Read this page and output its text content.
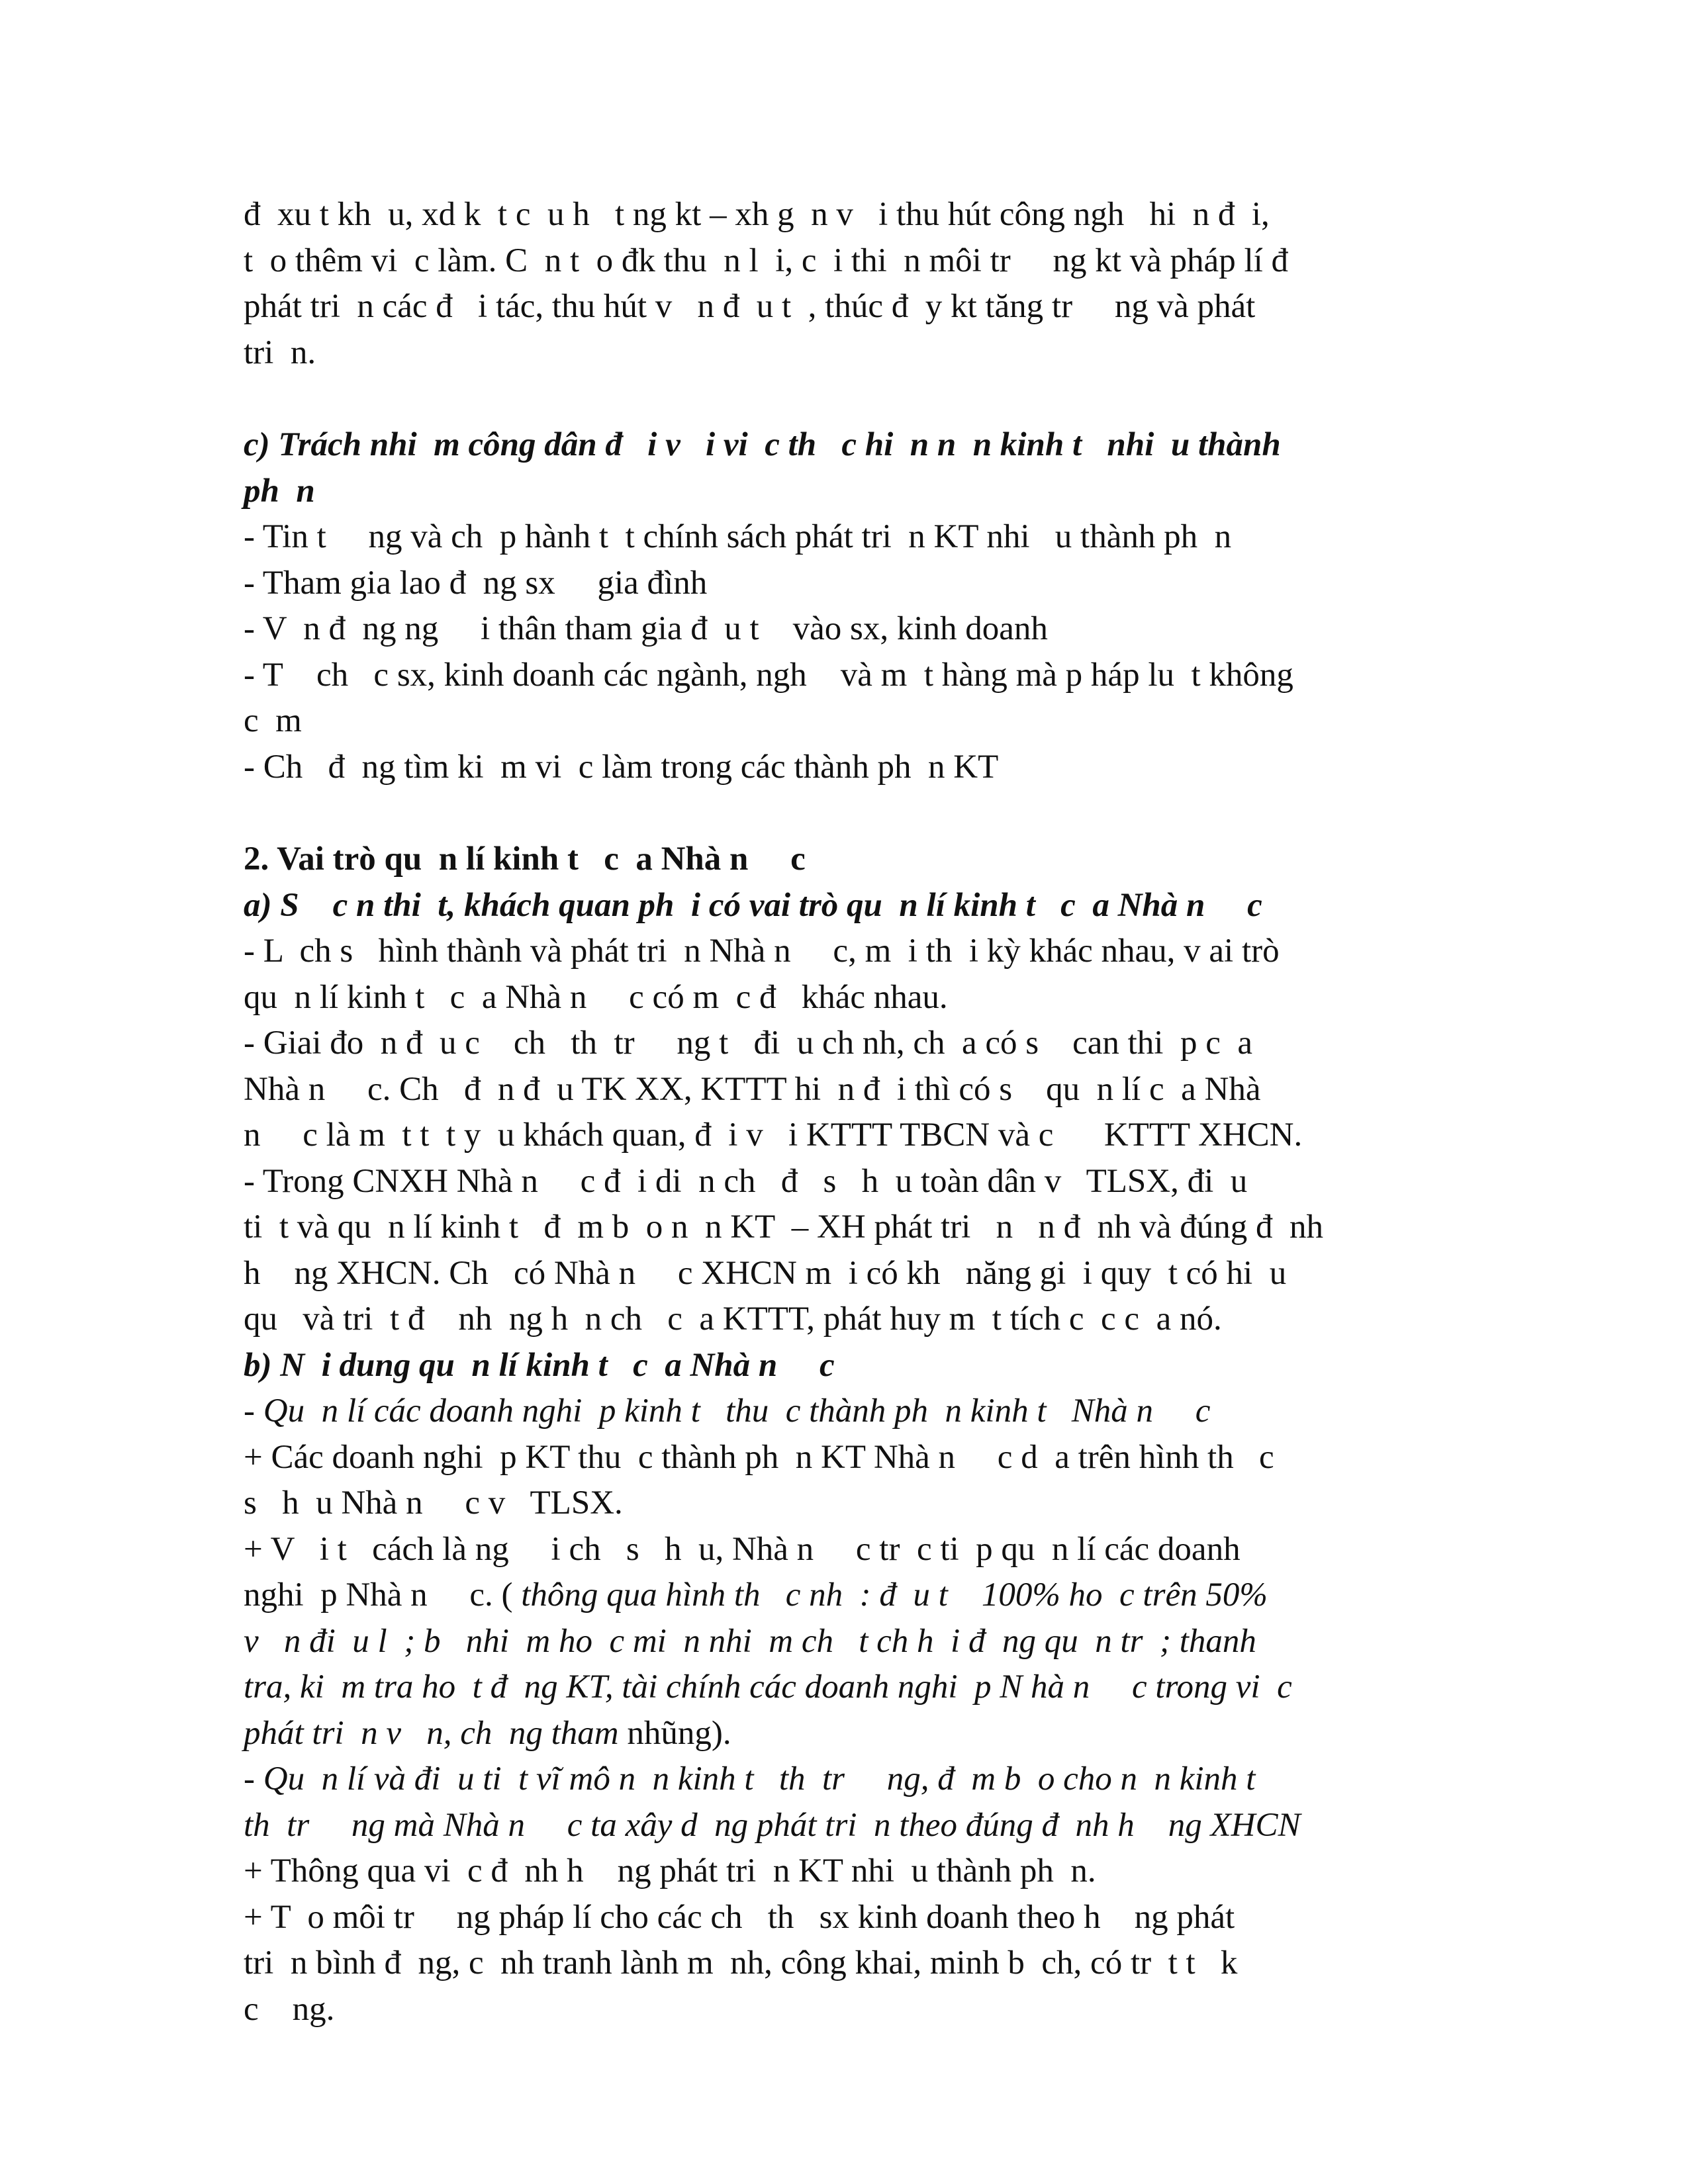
đ  xu t kh  u, xd k  t c  u h   t ng kt – xh g  n v   i thu hút công ngh   hi  n đ  i,
t  o thêm vi  c làm. C  n t  o đk thu  n l  i, c  i thi  n môi tr     ng kt và pháp lí đ
phát tri  n các đ   i tác, thu hút v   n đ  u t  , thúc đ  y kt tăng tr     ng và phát
tri  n.
c) Trách nhi  m công dân đ   i v   i vi  c th   c hi  n n  n kinh t   nhi  u thành
ph  n
- Tin t     ng và ch  p hành t  t chính sách phát tri  n KT nhi   u thành ph  n
- Tham gia lao đ  ng sx     gia đình
- V  n đ  ng ng     i thân tham gia đ  u t    vào sx, kinh doanh
- T    ch   c sx, kinh doanh các ngành, ngh    và m  t hàng mà p háp lu  t không
c  m
- Ch   đ  ng tìm ki  m vi  c làm trong các thành ph  n KT
2. Vai trò qu  n lí kinh t   c  a Nhà n     c
a) S    c n thi  t, khách quan ph  i có vai trò qu  n lí kinh t   c  a Nhà n     c
- L  ch s   hình thành và phát tri  n Nhà n     c, m  i th  i kỳ khác nhau, v ai trò
qu  n lí kinh t   c  a Nhà n     c có m  c đ   khác nhau.
- Giai đo  n đ  u c    ch   th  tr     ng t   đi  u ch nh, ch  a có s    can thi  p c  a
Nhà n     c. Ch   đ  n đ  u TK XX, KTTT hi  n đ  i thì có s    qu  n lí c  a Nhà
n     c là m  t t  t y  u khách quan, đ  i v   i KTTT TBCN và c      KTTT XHCN.
- Trong CNXH Nhà n     c đ  i di  n ch   đ   s   h  u toàn dân v   TLSX, đi  u
ti  t và qu  n lí kinh t   đ  m b  o n  n KT  – XH phát tri   n   n đ  nh và đúng đ  nh
h    ng XHCN. Ch   có Nhà n     c XHCN m  i có kh   năng gi  i quy  t có hi  u
qu   và tri  t đ    nh  ng h  n ch   c  a KTTT, phát huy m  t tích c  c c  a nó.
b) N  i dung qu  n lí kinh t   c  a Nhà n     c
- Qu  n lí các doanh nghi  p kinh t   thu  c thành ph  n kinh t   Nhà n     c
+ Các doanh nghi  p KT thu  c thành ph  n KT Nhà n     c d  a trên hình th   c
s   h  u Nhà n     c v   TLSX.
+ V   i t   cách là ng     i ch   s   h  u, Nhà n     c tr  c ti  p qu  n lí các doanh
nghi  p Nhà n     c. ( thông qua hình th   c nh  : đ  u t    100% ho  c trên 50%
v   n đi  u l  ; b   nhi  m ho  c mi  n nhi  m ch   t ch h  i đ  ng qu  n tr  ; thanh
tra, ki  m tra ho  t đ  ng KT, tài chính các doanh nghi  p N hà n     c trong vi  c
phát tri  n v   n, ch  ng tham nhũng).
- Qu  n lí và đi  u ti  t vĩ mô n  n kinh t   th  tr     ng, đ  m b  o cho n  n kinh t
th  tr     ng mà Nhà n     c ta xây d  ng phát tri  n theo đúng đ  nh h    ng XHCN
+ Thông qua vi  c đ  nh h    ng phát tri  n KT nhi  u thành ph  n.
+ T  o môi tr     ng pháp lí cho các ch   th   sx kinh doanh theo h    ng phát
tri  n bình đ  ng, c  nh tranh lành m  nh, công khai, minh b  ch, có tr  t t   k
c    ng.
